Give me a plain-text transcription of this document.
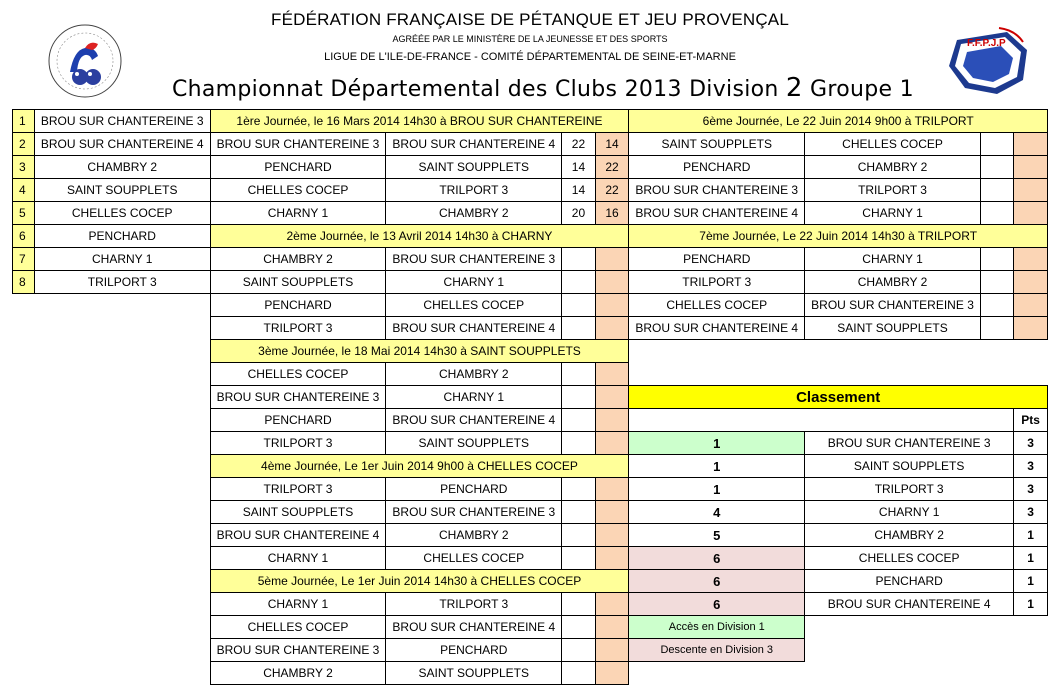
F.F.P.J.P
FÉDÉRATION FRANÇAISE DE PÉTANQUE ET JEU PROVENÇAL
AGRÉÉE PAR LE MINISTÈRE DE LA JEUNESSE ET DES SPORTS
LIGUE DE L'ILE-DE-FRANCE - COMITÉ DÉPARTEMENTAL DE SEINE-ET-MARNE
Championnat Départemental des Clubs 2013 Division 2 Groupe 1
1	BROU SUR CHANTEREINE 3	1ère Journée, le 16 Mars 2014 14h30 à BROU SUR CHANTEREINE				6ème Journée, Le 22 Juin 2014 9h00 à TRILPORT			
2	BROU SUR CHANTEREINE 4	BROU SUR CHANTEREINE 3	BROU SUR CHANTEREINE 4	22	14	SAINT SOUPPLETS	CHELLES COCEP		
3	CHAMBRY 2	PENCHARD	SAINT SOUPPLETS	14	22	PENCHARD	CHAMBRY 2		
4	SAINT SOUPPLETS	CHELLES COCEP	TRILPORT 3	14	22	BROU SUR CHANTEREINE 3	TRILPORT 3		
5	CHELLES COCEP	CHARNY 1	CHAMBRY 2	20	16	BROU SUR CHANTEREINE 4	CHARNY 1		
6	PENCHARD	2ème Journée, le 13 Avril 2014 14h30 à CHARNY				7ème Journée, Le 22 Juin 2014 14h30 à TRILPORT			
7	CHARNY 1	CHAMBRY 2	BROU SUR CHANTEREINE 3			PENCHARD	CHARNY 1		
8	TRILPORT 3	SAINT SOUPPLETS	CHARNY 1			TRILPORT 3	CHAMBRY 2		
		PENCHARD	CHELLES COCEP			CHELLES COCEP	BROU SUR CHANTEREINE 3		
		TRILPORT 3	BROU SUR CHANTEREINE 4			BROU SUR CHANTEREINE 4	SAINT SOUPPLETS		
		3ème Journée, le 18 Mai 2014 14h30 à SAINT SOUPPLETS							
		CHELLES COCEP	CHAMBRY 2						
		BROU SUR CHANTEREINE 3	CHARNY 1			Classement			
		PENCHARD	BROU SUR CHANTEREINE 4						Pts
		TRILPORT 3	SAINT SOUPPLETS			1	BROU SUR CHANTEREINE 3		3
		4ème Journée, Le 1er Juin 2014 9h00 à CHELLES COCEP				1	SAINT SOUPPLETS		3
		TRILPORT 3	PENCHARD			1	TRILPORT 3		3
		SAINT SOUPPLETS	BROU SUR CHANTEREINE 3			4	CHARNY 1		3
		BROU SUR CHANTEREINE 4	CHAMBRY 2			5	CHAMBRY 2		1
		CHARNY 1	CHELLES COCEP			6	CHELLES COCEP		1
		5ème Journée, Le 1er Juin 2014 14h30 à CHELLES COCEP				6	PENCHARD		1
		CHARNY 1	TRILPORT 3			6	BROU SUR CHANTEREINE 4		1
		CHELLES COCEP	BROU SUR CHANTEREINE 4			Accès en Division 1			
		BROU SUR CHANTEREINE 3	PENCHARD			Descente en Division 3			
		CHAMBRY 2	SAINT SOUPPLETS						
